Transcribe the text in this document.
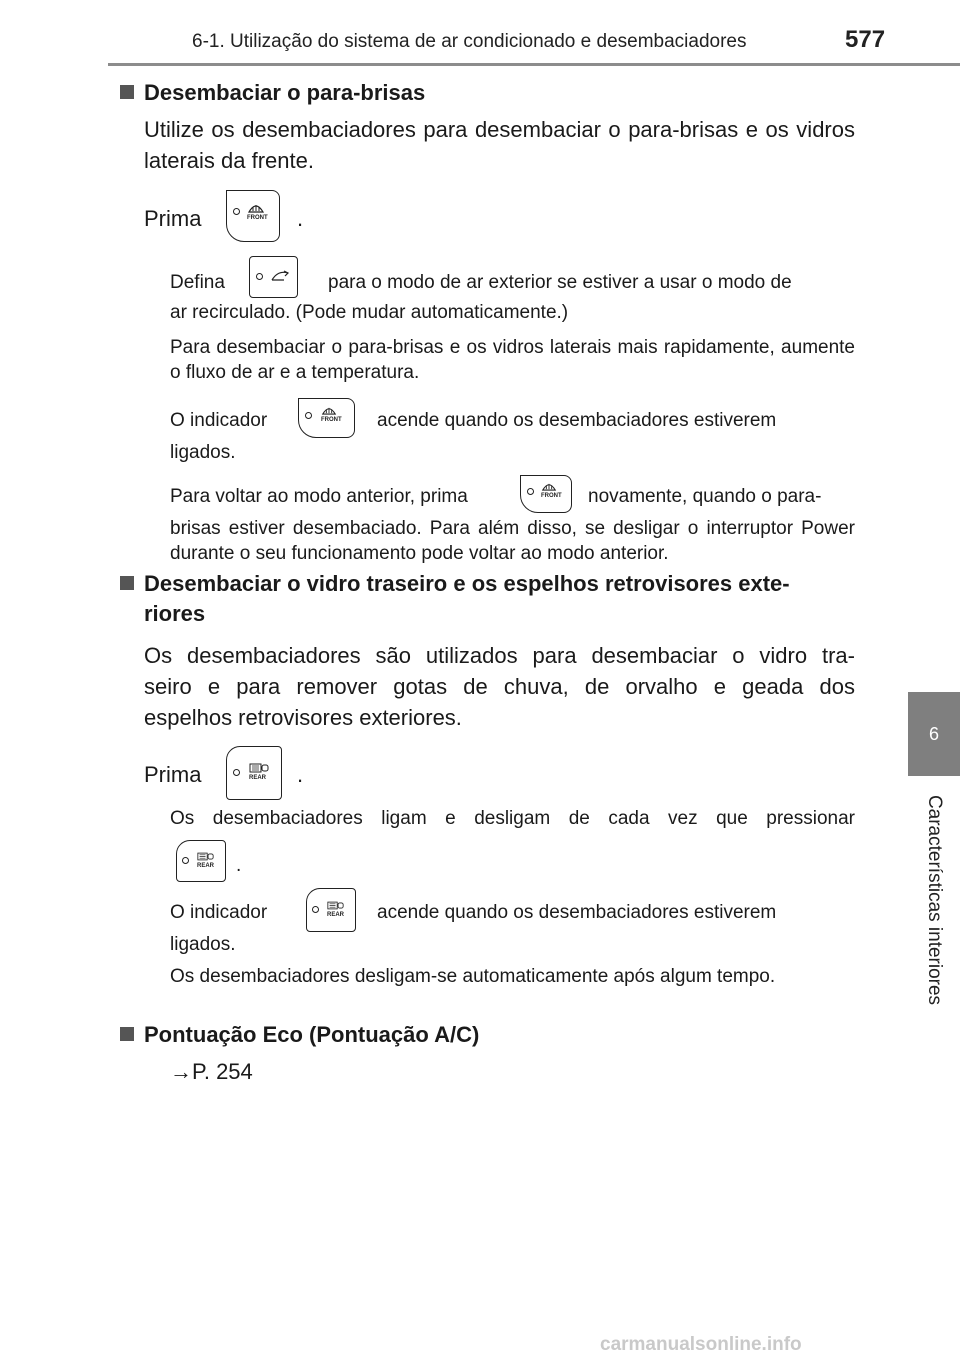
6-1. Utilização do sistema de ar condicionado e desembaciadores	577
6
Características interiores
Desembaciar o para-brisas
Utilize os desembaciadores para desembaciar o para-brisas e os vidros laterais da frente.
Prima	FRONT .
Defina	para o modo de ar exterior se estiver a usar o modo de
ar recirculado. (Pode mudar automaticamente.)
Para desembaciar o para-brisas e os vidros laterais mais rapidamente, aumente o fluxo de ar e a temperatura.
O indicador	FRONT acende quando os desembaciadores estiverem
ligados.
Para voltar ao modo anterior, prima	FRONT novamente, quando o para-
brisas estiver desembaciado. Para além disso, se desligar o interruptor Power durante o seu funcionamento pode voltar ao modo anterior.
Desembaciar o vidro traseiro e os espelhos retrovisores exte-
riores
Os desembaciadores são utilizados para desembaciar o vidro tra-
seiro e para remover gotas de chuva, de orvalho e geada dos
espelhos retrovisores exteriores.
Prima	REAR .
Os desembaciadores ligam e desligam de cada vez que pressionar
REAR .
O indicador	REAR acende quando os desembaciadores estiverem
ligados.
Os desembaciadores desligam-se automaticamente após algum tempo.
Pontuação Eco (Pontuação A/C)
→P. 254
carmanualsonline.info
